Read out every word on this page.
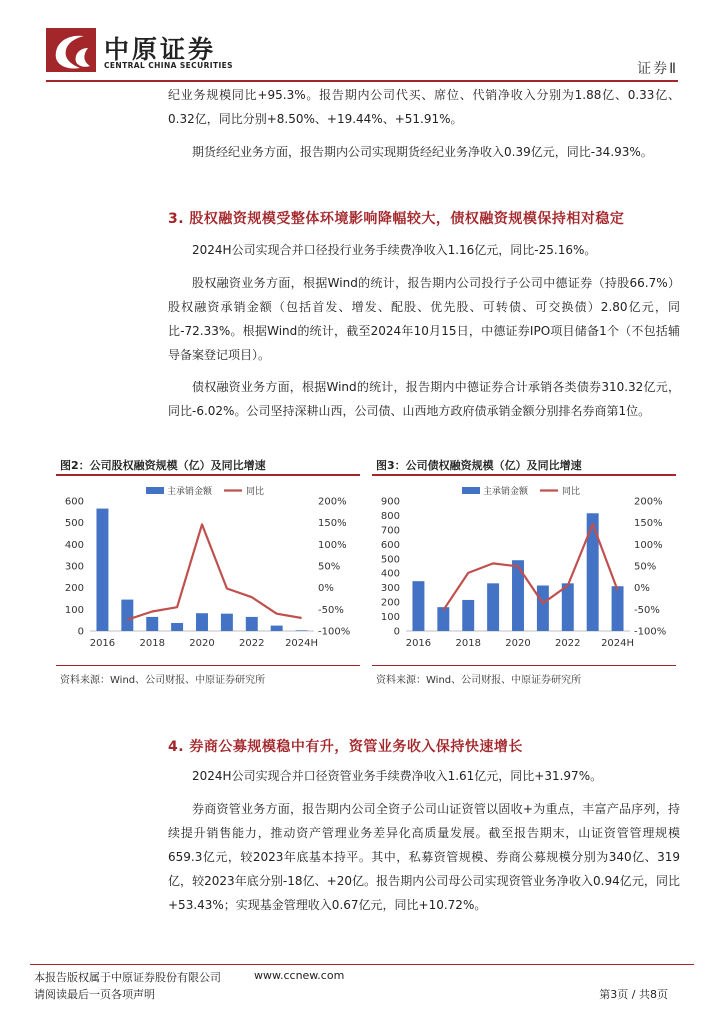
中原证券
CENTRAL CHINA SECURITIES	证券Ⅱ
纪业务规模同比+95.3%。报告期内公司代买、席位、代销净收入分别为1.88亿、0.33亿、0.32亿，同比分别+8.50%、+19.44%、+51.91%。
期货经纪业务方面，报告期内公司实现期货经纪业务净收入0.39亿元，同比-34.93%。
3. 股权融资规模受整体环境影响降幅较大，债权融资规模保持相对稳定
2024H公司实现合并口径投行业务手续费净收入1.16亿元，同比-25.16%。
股权融资业务方面，根据Wind的统计，报告期内公司投行子公司中德证券（持股66.7%）股权融资承销金额（包括首发、增发、配股、优先股、可转债、可交换债）2.80亿元，同比-72.33%。根据Wind的统计，截至2024年10月15日，中德证券IPO项目储备1个（不包括辅导备案登记项目）。
债权融资业务方面，根据Wind的统计，报告期内中德证券合计承销各类债券310.32亿元，同比-6.02%。公司坚持深耕山西，公司债、山西地方政府债承销金额分别排名券商第1位。
图2：公司股权融资规模（亿）及同比增速
0
100
200
300
400
500
600
-100%
-50%
0%
50%
100%
150%
200%
2016 2018 2020 2022 2024H
主承销金额	同比
资料来源：Wind、公司财报、中原证券研究所
图3：公司债权融资规模（亿）及同比增速
0
100
200
300
400
500
600
700
800
900
-100%
-50%
0%
50%
100%
150%
200%
2016 2018 2020 2022 2024H
主承销金额	同比
资料来源：Wind、公司财报、中原证券研究所
4. 券商公募规模稳中有升，资管业务收入保持快速增长
2024H公司实现合并口径资管业务手续费净收入1.61亿元，同比+31.97%。
券商资管业务方面，报告期内公司全资子公司山证资管以固收+为重点，丰富产品序列，持续提升销售能力，推动资产管理业务差异化高质量发展。截至报告期末，山证资管管理规模659.3亿元，较2023年底基本持平。其中，私募资管规模、券商公募规模分别为340亿、319亿，较2023年底分别-18亿、+20亿。报告期内公司母公司实现资管业务净收入0.94亿元，同比+53.43%；实现基金管理收入0.67亿元，同比+10.72%。
本报告版权属于中原证券股份有限公司	www.ccnew.com
请阅读最后一页各项声明	第3页 / 共8页
